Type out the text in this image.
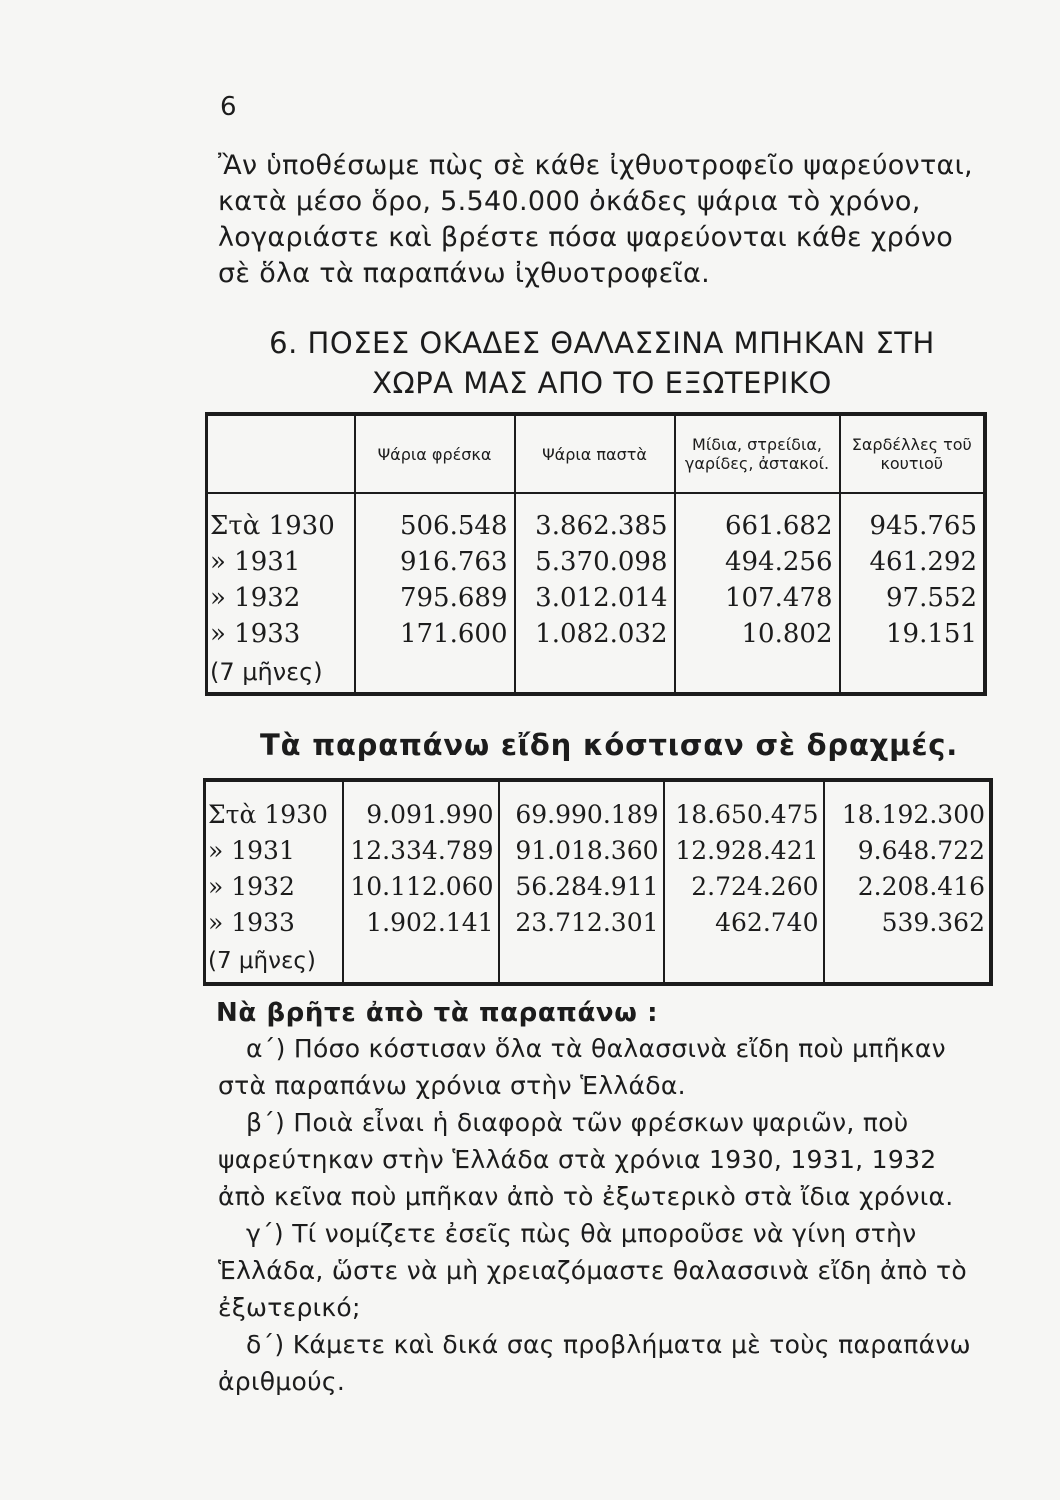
6
Ἂν ὑποθέσωμε πὼς σὲ κάθε ἰχθυοτροφεῖο ψαρεύονται, κατὰ μέσο ὅρο, 5.540.000 ὀκάδες ψάρια τὸ χρόνο, λογαριάστε καὶ βρέστε πόσα ψαρεύονται κάθε χρόνο σὲ ὅλα τὰ παραπάνω ἰχθυοτροφεῖα.
6. ΠΟΣΕΣ ΟΚΑΔΕΣ ΘΑΛΑΣΣΙΝΑ ΜΠΗΚΑΝ ΣΤΗ
ΧΩΡΑ ΜΑΣ ΑΠΟ ΤΟ ΕΞΩΤΕΡΙΚΟ
	Ψάρια φρέσκα	Ψάρια παστὰ	Μίδια, στρείδια, γαρίδες, ἀστακοί.	Σαρδέλλες τοῦ κουτιοῦ
Στὰ 1930	506.548	3.862.385	661.682	945.765
» 1931	916.763	5.370.098	494.256	461.292
» 1932	795.689	3.012.014	107.478	97.552
» 1933	171.600	1.082.032	10.802	19.151
(7 μῆνες)				
Τὰ παραπάνω εἴδη κόστισαν σὲ δραχμές.
Στὰ 1930	9.091.990	69.990.189	18.650.475	18.192.300
» 1931	12.334.789	91.018.360	12.928.421	9.648.722
» 1932	10.112.060	56.284.911	2.724.260	2.208.416
» 1933	1.902.141	23.712.301	462.740	539.362
(7 μῆνες)				
Νὰ βρῆτε ἀπὸ τὰ παραπάνω :

α΄) Πόσο κόστισαν ὅλα τὰ θαλασσινὰ εἴδη ποὺ μπῆκαν στὰ παραπάνω χρόνια στὴν Ἑλλάδα.

β΄) Ποιὰ εἶναι ἡ διαφορὰ τῶν φρέσκων ψαριῶν, ποὺ ψαρεύτηκαν στὴν Ἑλλάδα στὰ χρόνια 1930, 1931, 1932 ἀπὸ κεῖνα ποὺ μπῆκαν ἀπὸ τὸ ἐξωτερικὸ στὰ ἴδια χρόνια.

γ΄) Τί νομίζετε ἐσεῖς πὼς θὰ μποροῦσε νὰ γίνη στὴν Ἑλλάδα, ὥστε νὰ μὴ χρειαζόμαστε θαλασσινὰ εἴδη ἀπὸ τὸ ἐξωτερικό;

δ΄) Κάμετε καὶ δικά σας προβλήματα μὲ τοὺς παραπάνω ἀριθμούς.
